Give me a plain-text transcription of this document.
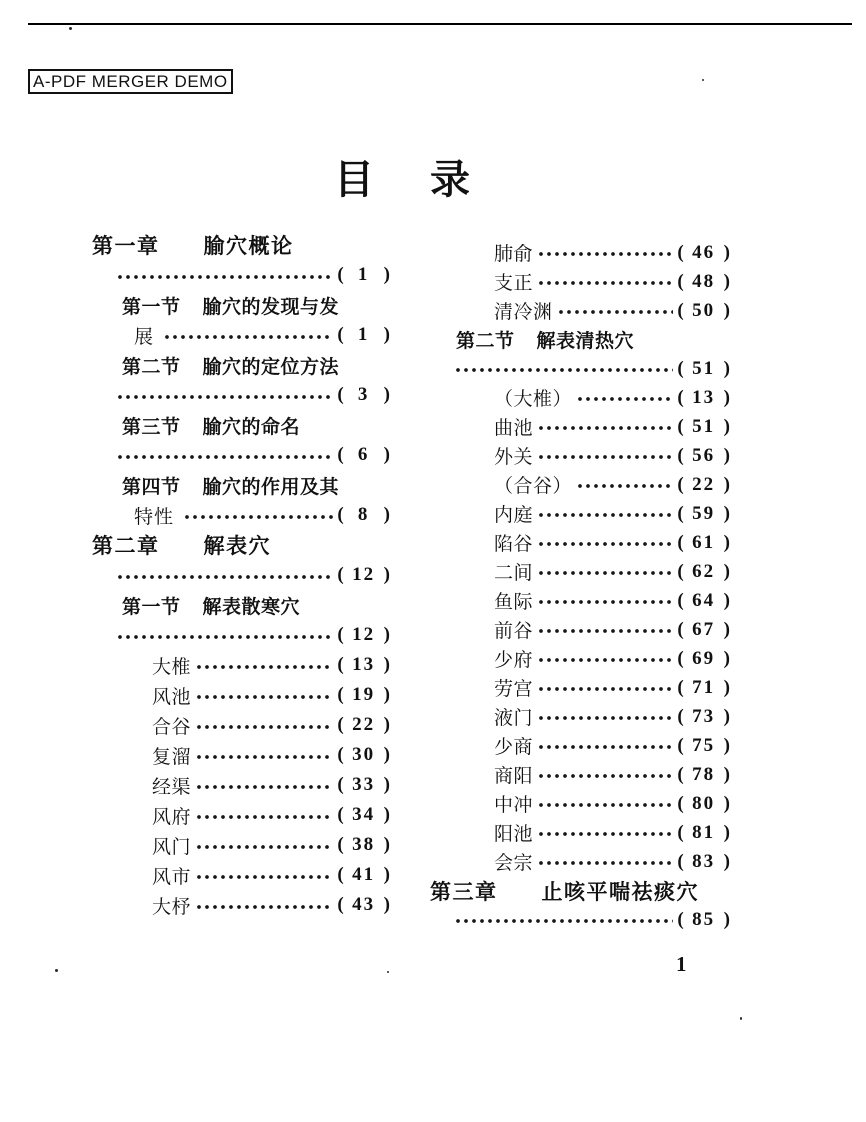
A-PDF MERGER DEMO
目 录
第一章 腧穴概论
( 1 )
第一节 腧穴的发现与发
展	( 1 )
第二节 腧穴的定位方法
( 3 )
第三节 腧穴的命名
( 6 )
第四节 腧穴的作用及其
特性	( 8 )
第二章 解表穴
( 12 )
第一节 解表散寒穴
( 12 )
大椎	( 13 )
风池	( 19 )
合谷	( 22 )
复溜	( 30 )
经渠	( 33 )
风府	( 34 )
风门	( 38 )
风市	( 41 )
大杼	( 43 )
肺俞	( 46 )
支正	( 48 )
清冷渊	( 50 )
第二节 解表清热穴
( 51 )
（大椎）	( 13 )
曲池	( 51 )
外关	( 56 )
（合谷）	( 22 )
内庭	( 59 )
陷谷	( 61 )
二间	( 62 )
鱼际	( 64 )
前谷	( 67 )
少府	( 69 )
劳宫	( 71 )
液门	( 73 )
少商	( 75 )
商阳	( 78 )
中冲	( 80 )
阳池	( 81 )
会宗	( 83 )
第三章 止咳平喘祛痰穴
( 85 )
1
